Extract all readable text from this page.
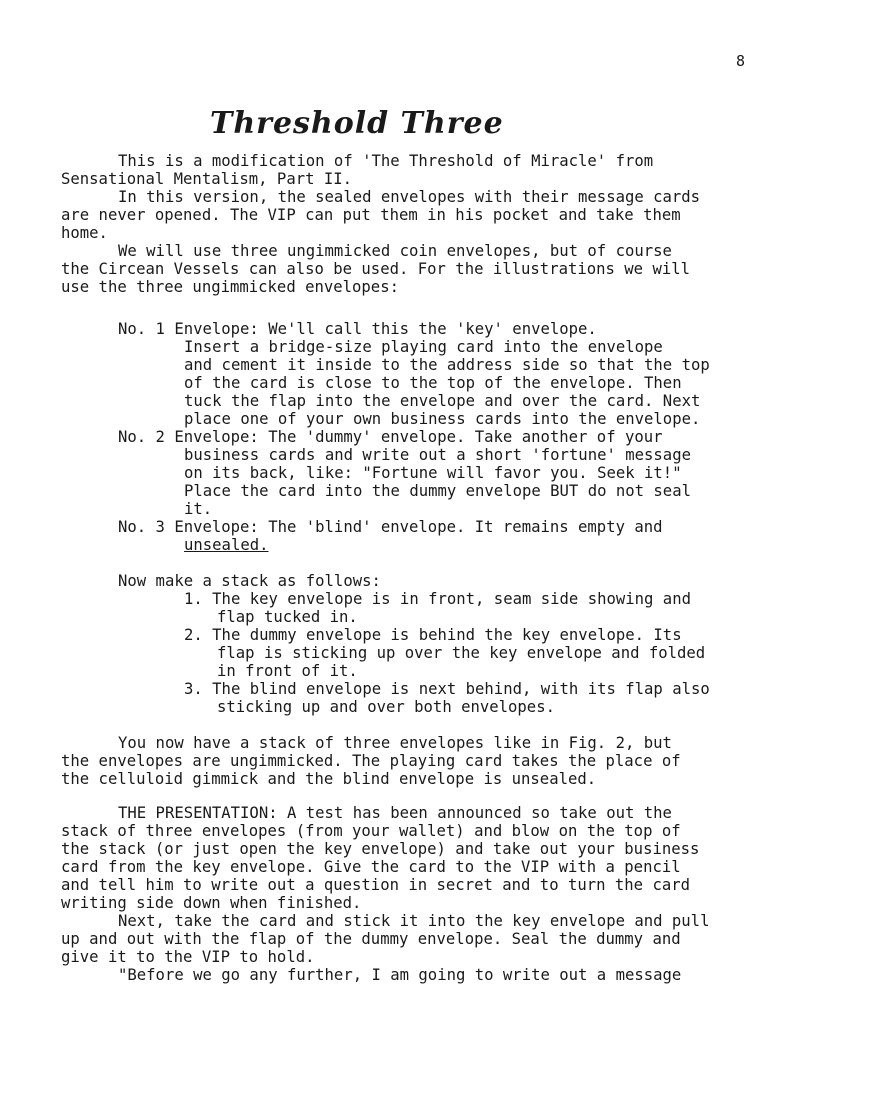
8
Threshold Three
This is a modification of 'The Threshold of Miracle' from
Sensational Mentalism, Part II.
In this version, the sealed envelopes with their message cards
are never opened. The VIP can put them in his pocket and take them
home.
We will use three ungimmicked coin envelopes, but of course
the Circean Vessels can also be used. For the illustrations we will
use the three ungimmicked envelopes:
No. 1 Envelope: We'll call this the 'key' envelope.
Insert a bridge-size playing card into the envelope
and cement it inside to the address side so that the top
of the card is close to the top of the envelope. Then
tuck the flap into the envelope and over the card. Next
place one of your own business cards into the envelope.
No. 2 Envelope: The 'dummy' envelope. Take another of your
business cards and write out a short 'fortune' message
on its back, like: "Fortune will favor you. Seek it!"
Place the card into the dummy envelope BUT do not seal
it.
No. 3 Envelope: The 'blind' envelope. It remains empty and
unsealed.
Now make a stack as follows:
1. The key envelope is in front, seam side showing and
flap tucked in.
2. The dummy envelope is behind the key envelope. Its
flap is sticking up over the key envelope and folded
in front of it.
3. The blind envelope is next behind, with its flap also
sticking up and over both envelopes.
You now have a stack of three envelopes like in Fig. 2, but
the envelopes are ungimmicked. The playing card takes the place of
the celluloid gimmick and the blind envelope is unsealed.
THE PRESENTATION: A test has been announced so take out the
stack of three envelopes (from your wallet) and blow on the top of
the stack (or just open the key envelope) and take out your business
card from the key envelope. Give the card to the VIP with a pencil
and tell him to write out a question in secret and to turn the card
writing side down when finished.
Next, take the card and stick it into the key envelope and pull
up and out with the flap of the dummy envelope. Seal the dummy and
give it to the VIP to hold.
"Before we go any further, I am going to write out a message
